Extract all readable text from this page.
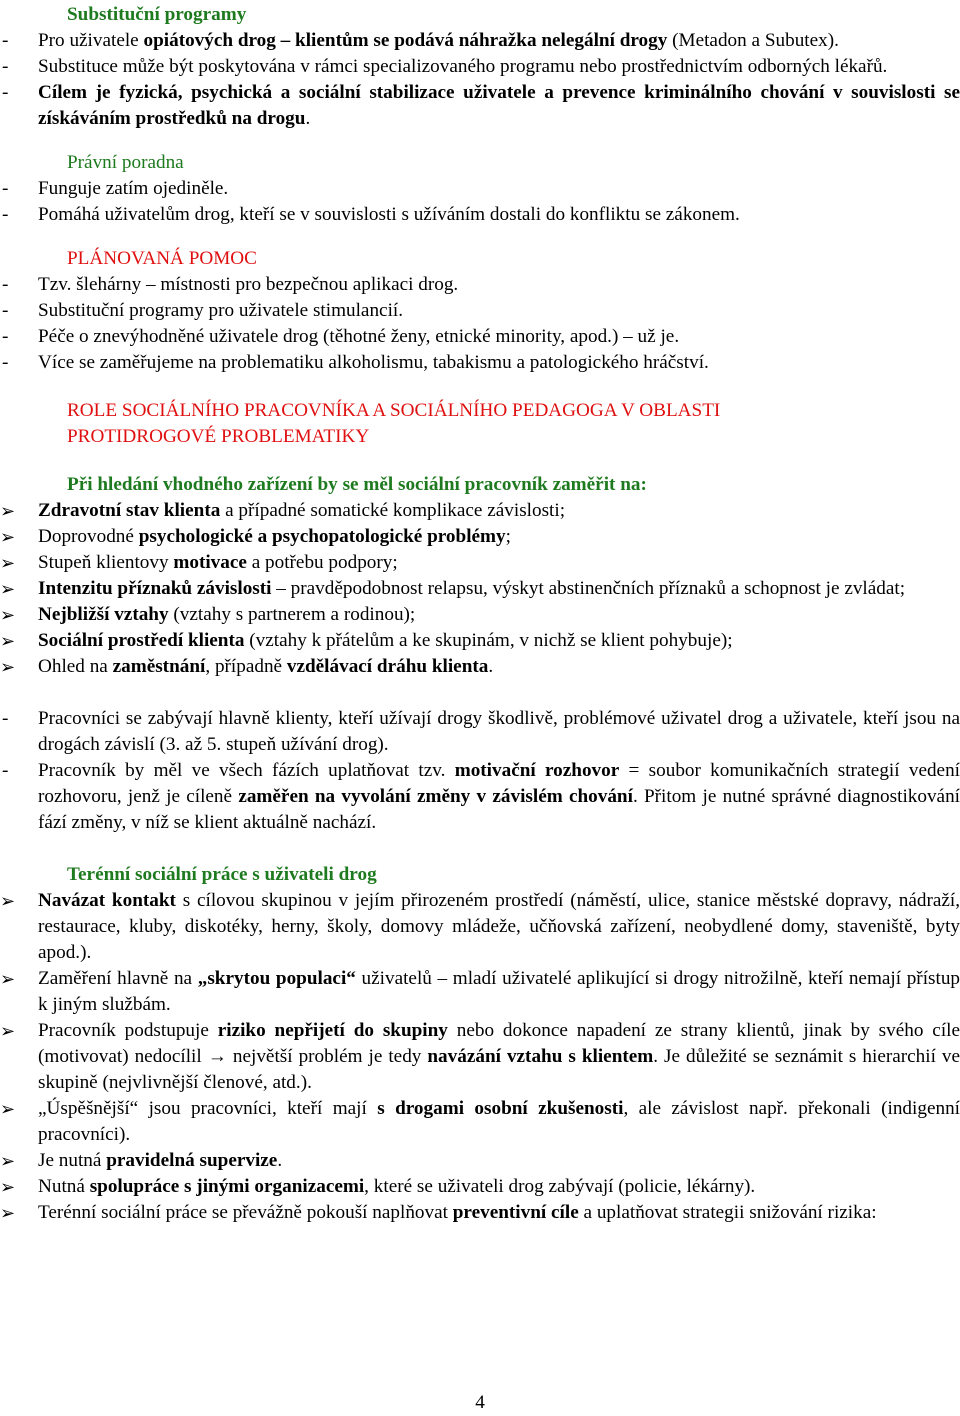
Substituční programy
- Pro uživatele opiátových drog – klientům se podává náhražka nelegální drogy (Metadon a Subutex).
- Substituce může být poskytována v rámci specializovaného programu nebo prostřednictvím odborných lékařů.
- Cílem je fyzická, psychická a sociální stabilizace uživatele a prevence kriminálního chování v souvislosti se získáváním prostředků na drogu.
Právní poradna
- Funguje zatím ojediněle.
- Pomáhá uživatelům drog, kteří se v souvislosti s užíváním dostali do konfliktu se zákonem.
PLÁNOVANÁ POMOC
- Tzv. šlehárny – místnosti pro bezpečnou aplikaci drog.
- Substituční programy pro uživatele stimulancií.
- Péče o znevýhodněné uživatele drog (těhotné ženy, etnické minority, apod.) – už je.
- Více se zaměřujeme na problematiku alkoholismu, tabakismu a patologického hráčství.
ROLE SOCIÁLNÍHO PRACOVNÍKA A SOCIÁLNÍHO PEDAGOGA V OBLASTI
PROTIDROGOVÉ PROBLEMATIKY
Při hledání vhodného zařízení by se měl sociální pracovník zaměřit na:
➢ Zdravotní stav klienta a případné somatické komplikace závislosti;
➢ Doprovodné psychologické a psychopatologické problémy;
➢ Stupeň klientovy motivace a potřebu podpory;
➢ Intenzitu příznaků závislosti – pravděpodobnost relapsu, výskyt abstinenčních příznaků a schopnost je zvládat;
➢ Nejbližší vztahy (vztahy s partnerem a rodinou);
➢ Sociální prostředí klienta (vztahy k přátelům a ke skupinám, v nichž se klient pohybuje);
➢ Ohled na zaměstnání, případně vzdělávací dráhu klienta.
- Pracovníci se zabývají hlavně klienty, kteří užívají drogy škodlivě, problémové uživatel drog a uživatele, kteří jsou na drogách závislí (3. až 5. stupeň užívání drog).
- Pracovník by měl ve všech fázích uplatňovat tzv. motivační rozhovor = soubor komunikačních strategií vedení rozhovoru, jenž je cíleně zaměřen na vyvolání změny v závislém chování. Přitom je nutné správné diagnostikování fází změny, v níž se klient aktuálně nachází.
Terénní sociální práce s uživateli drog
➢ Navázat kontakt s cílovou skupinou v jejím přirozeném prostředí (náměstí, ulice, stanice městské dopravy, nádraží, restaurace, kluby, diskotéky, herny, školy, domovy mládeže, učňovská zařízení, neobydlené domy, staveniště, byty apod.).
➢ Zaměření hlavně na „skrytou populaci“ uživatelů – mladí uživatelé aplikující si drogy nitrožilně, kteří nemají přístup k jiným službám.
➢ Pracovník podstupuje riziko nepřijetí do skupiny nebo dokonce napadení ze strany klientů, jinak by svého cíle (motivovat) nedocílil → největší problém je tedy navázání vztahu s klientem. Je důležité se seznámit s hierarchií ve skupině (nejvlivnější členové, atd.).
➢ „Úspěšnější“ jsou pracovníci, kteří mají s drogami osobní zkušenosti, ale závislost např. překonali (indigenní pracovníci).
➢ Je nutná pravidelná supervize.
➢ Nutná spolupráce s jinými organizacemi, které se uživateli drog zabývají (policie, lékárny).
➢ Terénní sociální práce se převážně pokouší naplňovat preventivní cíle a uplatňovat strategii snižování rizika:
4
